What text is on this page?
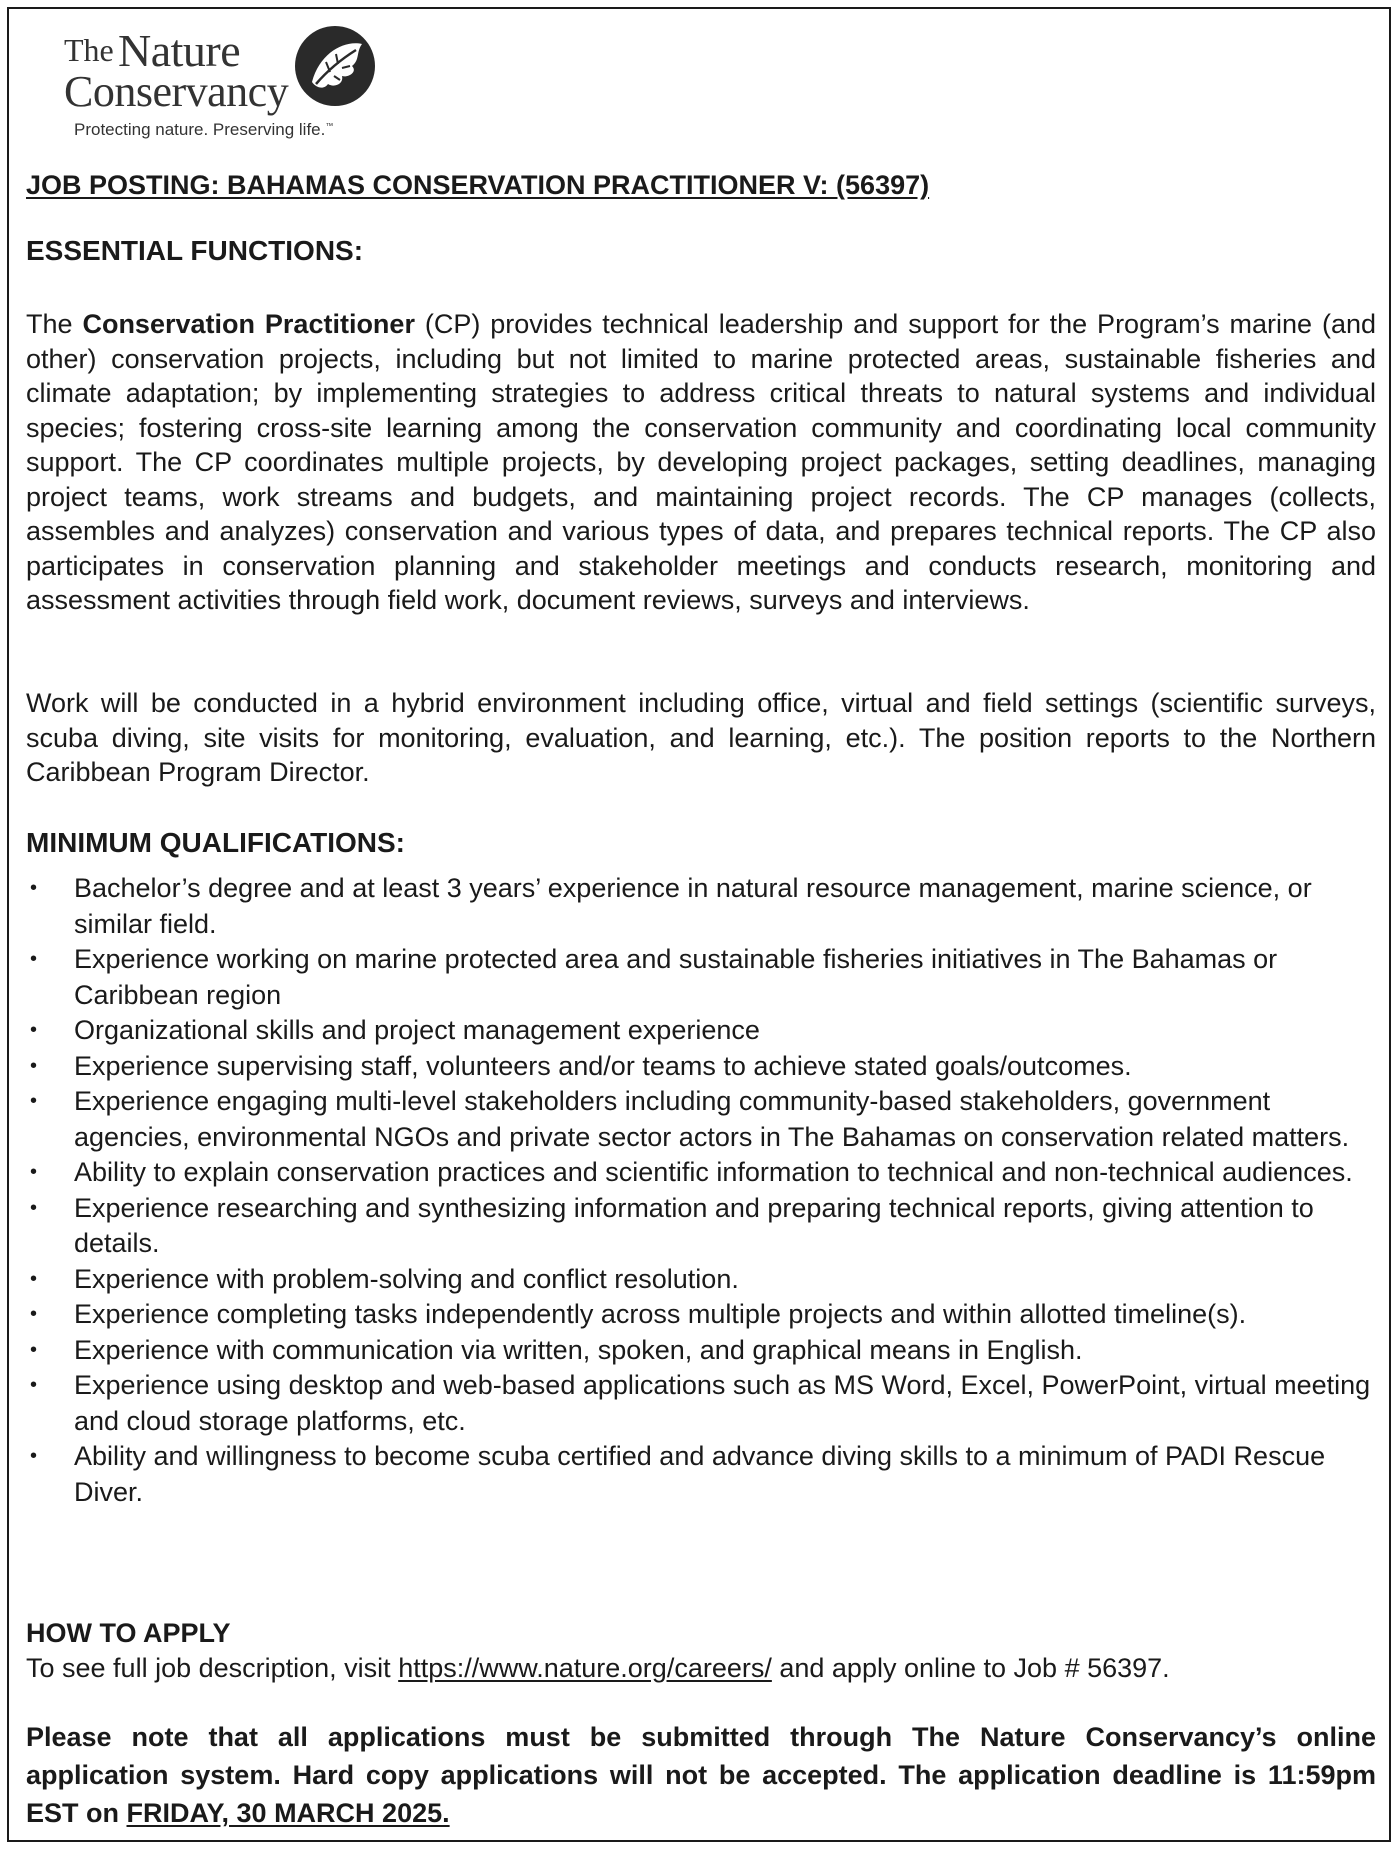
The Nature
Conservancy
Protecting nature. Preserving life.™
JOB POSTING: BAHAMAS CONSERVATION PRACTITIONER V: (56397)
ESSENTIAL FUNCTIONS:
The Conservation Practitioner (CP) provides technical leadership and support for the Program’s marine (and other) conservation projects, including but not limited to marine protected areas, sustainable fisheries and climate adaptation; by implementing strategies to address critical threats to natural systems and individual species; fostering cross-site learning among the conservation community and coordinating local community support. The CP coordinates multiple projects, by developing project packages, setting deadlines, managing project teams, work streams and budgets, and maintaining project records. The CP manages (collects, assembles and analyzes) conservation and various types of data, and prepares technical reports. The CP also participates in conservation planning and stakeholder meetings and conducts research, monitoring and assessment activities through field work, document reviews, surveys and interviews.
Work will be conducted in a hybrid environment including office, virtual and field settings (scientific surveys, scuba diving, site visits for monitoring, evaluation, and learning, etc.). The position reports to the Northern Caribbean Program Director.
MINIMUM QUALIFICATIONS:
• Bachelor’s degree and at least 3 years’ experience in natural resource management, marine science, or similar field.
• Experience working on marine protected area and sustainable fisheries initiatives in The Bahamas or Caribbean region
• Organizational skills and project management experience
• Experience supervising staff, volunteers and/or teams to achieve stated goals/outcomes.
• Experience engaging multi-level stakeholders including community-based stakeholders, government agencies, environmental NGOs and private sector actors in The Bahamas on conservation related matters.
• Ability to explain conservation practices and scientific information to technical and non-technical audiences.
• Experience researching and synthesizing information and preparing technical reports, giving attention to details.
• Experience with problem-solving and conflict resolution.
• Experience completing tasks independently across multiple projects and within allotted timeline(s).
• Experience with communication via written, spoken, and graphical means in English.
• Experience using desktop and web-based applications such as MS Word, Excel, PowerPoint, virtual meeting and cloud storage platforms, etc.
• Ability and willingness to become scuba certified and advance diving skills to a minimum of PADI Rescue Diver.
HOW TO APPLY
To see full job description, visit https://www.nature.org/careers/ and apply online to Job # 56397.
Please note that all applications must be submitted through The Nature Conservancy’s online application system. Hard copy applications will not be accepted. The application deadline is 11:59pm EST on FRIDAY, 30 MARCH 2025.
